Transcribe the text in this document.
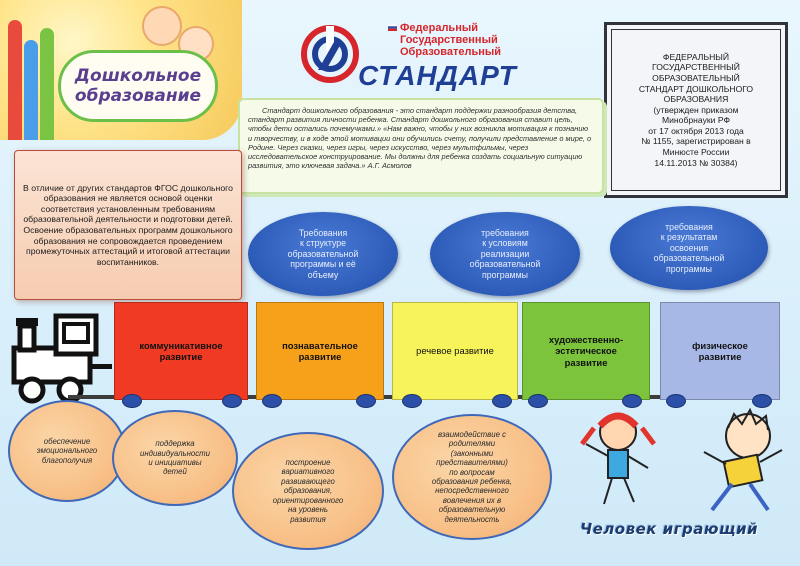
Дошкольное
образование
Федеральный
Государственный
Образовательный
СТАНДАРТ
ФЕДЕРАЛЬНЫЙ
ГОСУДАРСТВЕННЫЙ
ОБРАЗОВАТЕЛЬНЫЙ
СТАНДАРТ ДОШКОЛЬНОГО
ОБРАЗОВАНИЯ
(утвержден приказом
Минобрнауки РФ
от 17 октября 2013 года
№ 1155, зарегистрирован в
Минюсте России
14.11.2013 № 30384)

Стандарт дошкольного образования - это стандарт поддержки разнообразия детства, стандарт развития личности ребенка. Стандарт дошкольного образования ставит цель, чтобы дети остались почемучками.» «Нам важно, чтобы у них возникла мотивация к познанию и творчеству, и в ходе этой мотивации они обучились счету, получили представление о мире, о Родине. Через сказки, через игры, через искусство, через мультфильмы, через исследовательское конструирование. Мы должны для ребенка создать социальную ситуацию развития, это ключевая задача.» А.Г. Асмолов

В отличие от других стандартов ФГОС дошкольного образования не является основой оценки соответствия установленным требованиям образовательной деятельности и подготовки детей. Освоение образовательных программ дошкольного образования не сопровождается проведением промежуточных аттестаций и итоговой аттестации воспитанников.

Требования
к структуре
образовательной
программы и её
объему
требования
к условиям
реализации
образовательной
программы
требования
к результатам
освоения
образовательной
программы
коммуникативное
развитие
познавательное
развитие
речевое развитие
художественно-
эстетическое
развитие
физическое
развитие
обеспечение
эмоционального
благополучия
поддержка
индивидуальности
и инициативы
детей
построение
вариативного
развивающего
образования,
ориентированного
на уровень
развития
взаимодействие с
родителями
(законными
представителями)
по вопросам
образования ребенка,
непосредственного
вовлечения их в
образовательную
деятельность
Человек играющий
